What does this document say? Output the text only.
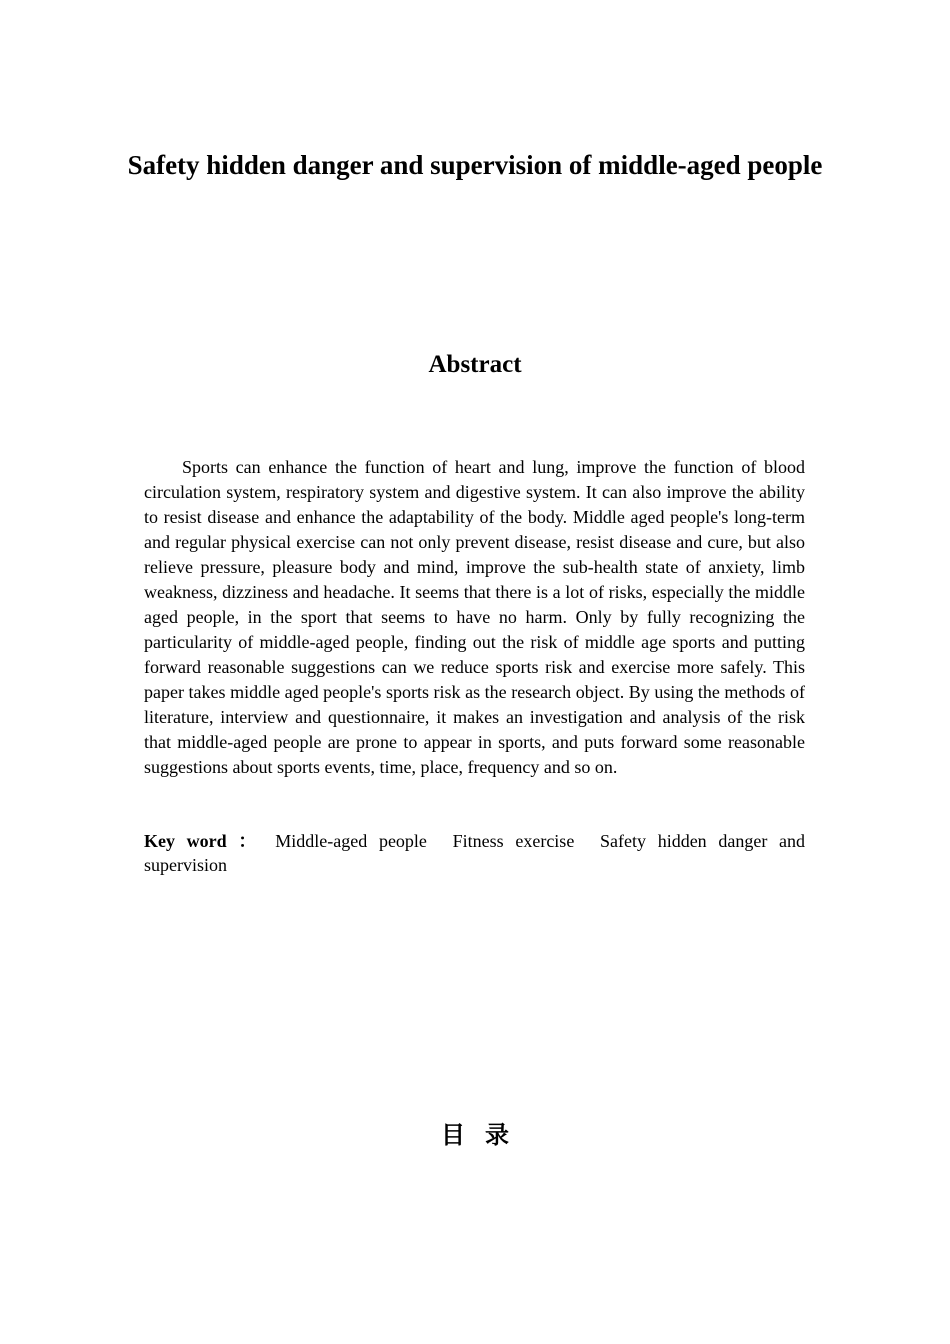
Safety hidden danger and supervision of middle-aged people
Abstract

Sports can enhance the function of heart and lung, improve the function of blood circulation system, respiratory system and digestive system. It can also improve the ability to resist disease and enhance the adaptability of the body. Middle aged people's long-term and regular physical exercise can not only prevent disease, resist disease and cure, but also relieve pressure, pleasure body and mind, improve the sub-health state of anxiety, limb weakness, dizziness and headache. It seems that there is a lot of risks, especially the middle aged people, in the sport that seems to have no harm. Only by fully recognizing the particularity of middle-aged people, finding out the risk of middle age sports and putting forward reasonable suggestions can we reduce sports risk and exercise more safely. This paper takes middle aged people's sports risk as the research object. By using the methods of literature, interview and questionnaire, it makes an investigation and analysis of the risk that middle-aged people are prone to appear in sports, and puts forward some reasonable suggestions about sports events, time, place, frequency and so on.

Key word ： Middle-aged people Fitness exercise Safety hidden danger and supervision

目录
